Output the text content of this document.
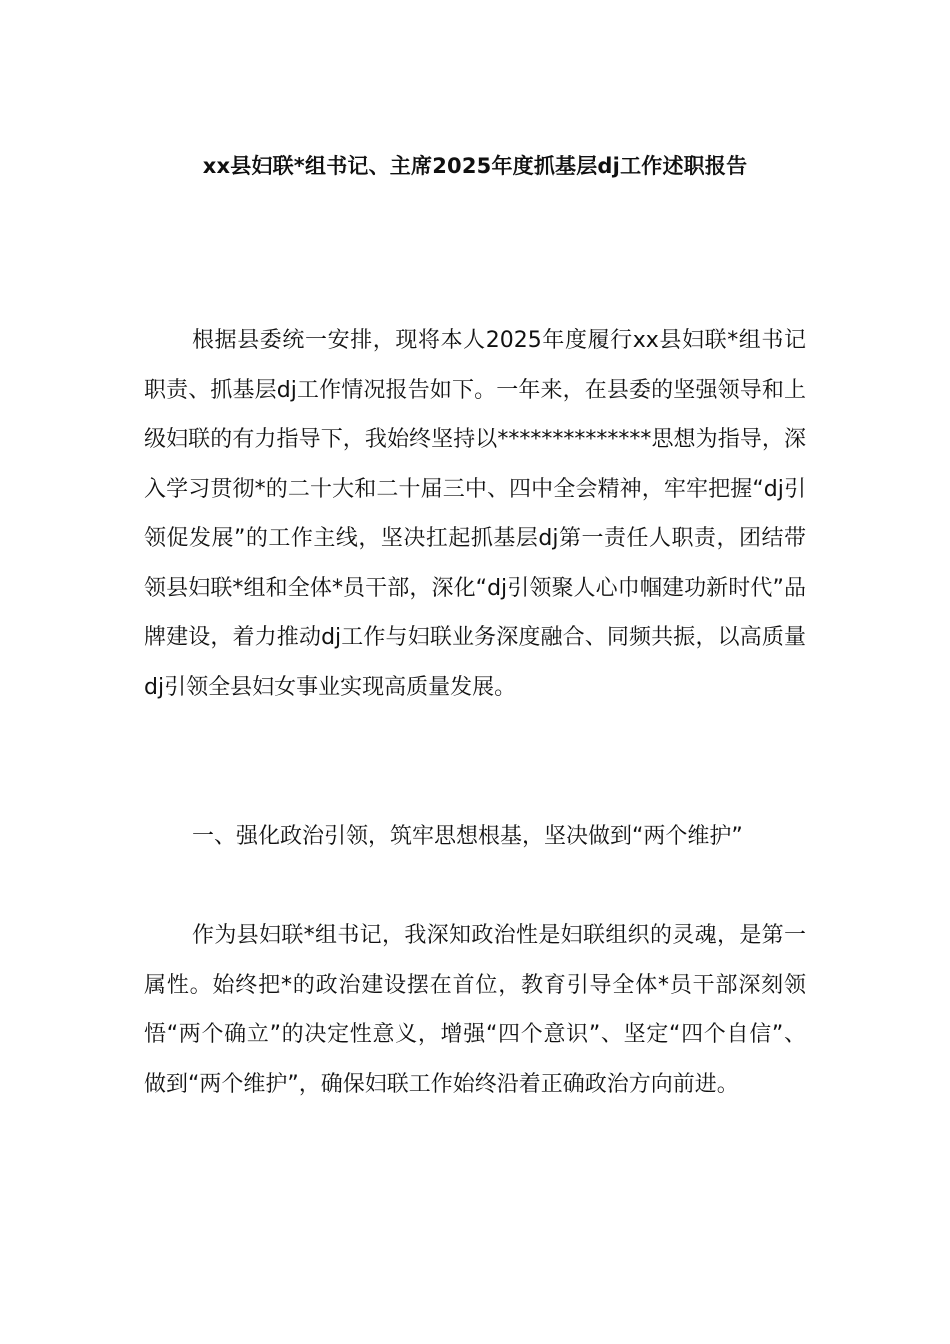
xx县妇联*组书记、主席2025年度抓基层dj工作述职报告

根据县委统一安排，现将本人2025年度履行xx县妇联*组书记职责、抓基层dj工作情况报告如下。一年来，在县委的坚强领导和上级妇联的有力指导下，我始终坚持以**************思想为指导，深入学习贯彻*的二十大和二十届三中、四中全会精神，牢牢把握“dj引领促发展”的工作主线，坚决扛起抓基层dj第一责任人职责，团结带领县妇联*组和全体*员干部，深化“dj引领聚人心巾帼建功新时代”品牌建设，着力推动dj工作与妇联业务深度融合、同频共振，以高质量dj引领全县妇女事业实现高质量发展。

一、强化政治引领，筑牢思想根基，坚决做到“两个维护”

作为县妇联*组书记，我深知政治性是妇联组织的灵魂，是第一属性。始终把*的政治建设摆在首位，教育引导全体*员干部深刻领悟“两个确立”的决定性意义，增强“四个意识”、坚定“四个自信”、做到“两个维护”，确保妇联工作始终沿着正确政治方向前进。
